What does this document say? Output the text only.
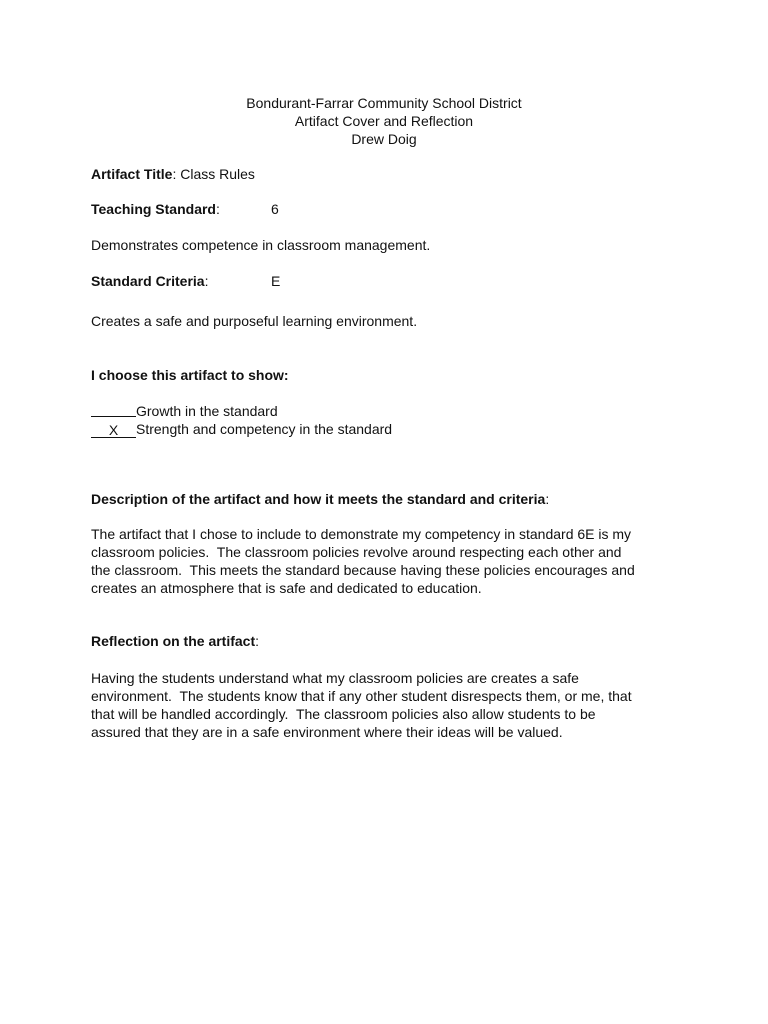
Bondurant-Farrar Community School District
Artifact Cover and Reflection
Drew Doig
Artifact Title: Class Rules
Teaching Standard:	6
Demonstrates competence in classroom management.
Standard Criteria:	E
Creates a safe and purposeful learning environment.
I choose this artifact to show:
Growth in the standard
X Strength and competency in the standard
Description of the artifact and how it meets the standard and criteria:
The artifact that I chose to include to demonstrate my competency in standard 6E is my
classroom policies.  The classroom policies revolve around respecting each other and
the classroom.  This meets the standard because having these policies encourages and
creates an atmosphere that is safe and dedicated to education.
Reflection on the artifact:
Having the students understand what my classroom policies are creates a safe
environment.  The students know that if any other student disrespects them, or me, that
that will be handled accordingly.  The classroom policies also allow students to be
assured that they are in a safe environment where their ideas will be valued.
